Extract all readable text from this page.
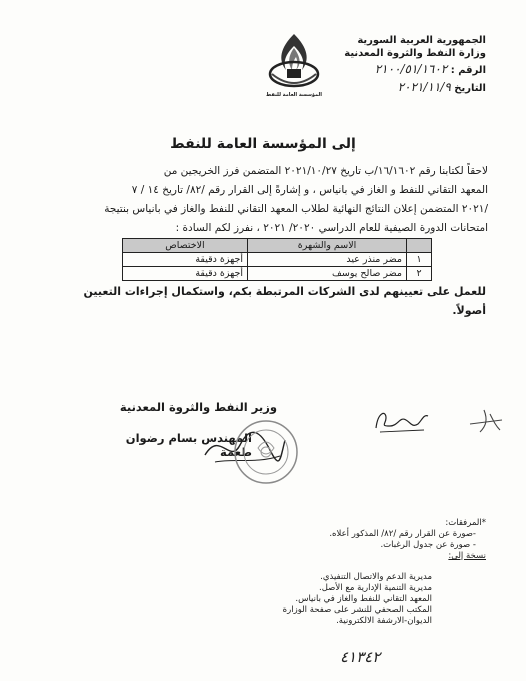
الجمهورية العربية السورية
وزارة النفط والثروة المعدنية
الرقم : ٢١٠٠/٥١/١٦٠٢
التاريخ ٢٠٢١/١١/٩
المؤسسة العامة للنفط
إلى المؤسسة العامة للنفط
لاحقاً لكتابنا رقم ١٦/١٦٠٢/ب تاريخ ٢٠٢١/١٠/٢٧ المتضمن فرز الخريجين من
المعهد التقاني للنفط و الغاز في بانياس ، و إشارةً إلى القرار رقم /٨٢/ تاريخ ١٤ / ٧
/٢٠٢١ المتضمن إعلان النتائج النهائية لطلاب المعهد التقاني للنفط والغاز في بانياس بنتيجة
امتحانات الدورة الصيفية للعام الدراسي ٢٠٢٠/ ٢٠٢١ ، نفرز لكم السادة :
	الاسم والشهرة	الاختصاص
١	مضر منذر عيد	أجهزة دقيقة
٢	مضر صالح يوسف	أجهزة دقيقة
للعمل على تعيينهم لدى الشركات المرتبطة بكم، واستكمال إجراءات التعيين
أصولاً.
وزير النفط والثروة المعدنية
المهندس بسام رضوان طعمة
*المرفقات:
-صورة عن القرار رقم /٨٢/ المذكور أعلاه.
- صورة عن جدول الرغبات.
نسخة إلى:
مديرية الدعم والاتصال التنفيذي.
مديرية التنمية الإدارية مع الأصل.
المعهد التقاني للنفط والغاز في بانياس.
المكتب الصحفي للنشر على صفحة الوزارة
الديوان-الارشفة الالكترونية.
٤١٣٤٢
